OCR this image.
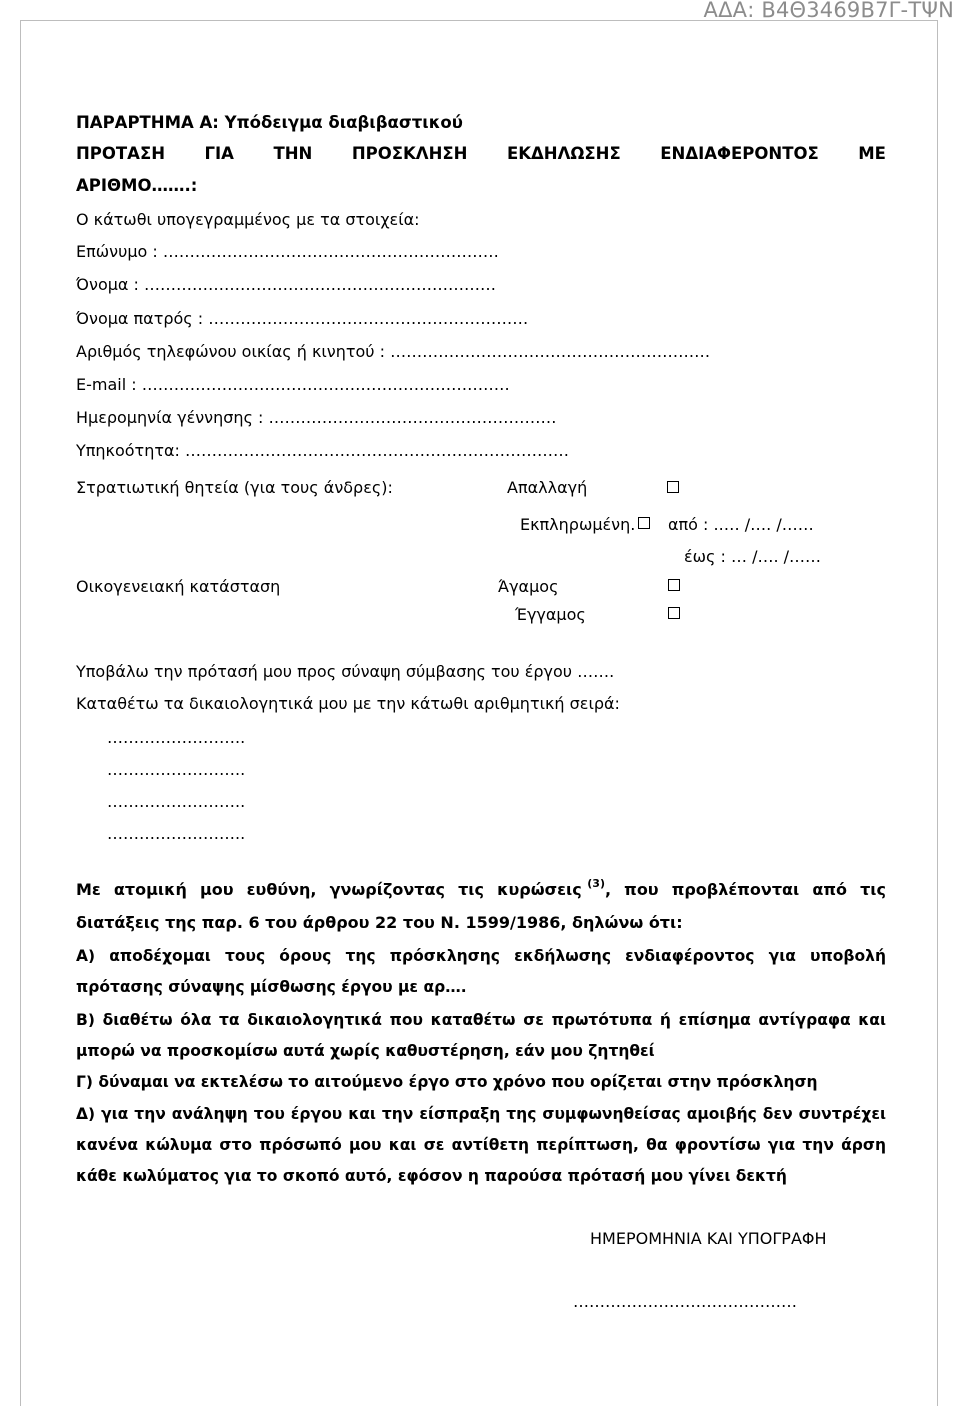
ΑΔΑ: Β4Θ3469Β7Γ-ΤΨΝ
ΠΑΡΑΡΤΗΜΑ Α: Υπόδειγμα διαβιβαστικού
ΠΡΟΤΑΣΗ ΓΙΑ ΤΗΝ ΠΡΟΣΚΛΗΣΗ ΕΚΔΗΛΩΣΗΣ ΕΝΔΙΑΦΕΡΟΝΤΟΣ ΜΕ
ΑΡΙΘΜΟ…….:
Ο κάτωθι υπογεγραμμένος με τα στοιχεία:
Επώνυμο : ………………………………………………………
Όνομα : …………………………………………………………
Όνομα πατρός : ……………………………………………………
Αριθμός τηλεφώνου οικίας ή κινητού : ……………………………………………………
E-mail : ……………………………………………………………
Ημερομηνία γέννησης : ………………………………………………
Υπηκοότητα: ………………………………………………………………
Στρατιωτική θητεία (για τους άνδρες):	Απαλλαγή
Εκπληρωμένη. από : ..… /…. /……
έως : … /…. /……
Οικογενειακή κατάσταση	Άγαμος
Έγγαμος
Υποβάλω την πρότασή μου προς σύναψη σύμβασης του έργου …….
Καταθέτω τα δικαιολογητικά μου με την κάτωθι αριθμητική σειρά:
……………………..
……………………..
……………………..
……………………..
Με ατομική μου ευθύνη, γνωρίζοντας τις κυρώσεις $^{(3)}$, που προβλέπονται από τις
διατάξεις της παρ. 6 του άρθρου 22 του Ν. 1599/1986, δηλώνω ότι:
Α) αποδέχομαι τους όρους της πρόσκλησης εκδήλωσης ενδιαφέροντος για υποβολή πρότασης σύναψης μίσθωσης έργου με αρ….
Β) διαθέτω όλα τα δικαιολογητικά που καταθέτω σε πρωτότυπα ή επίσημα αντίγραφα και μπορώ να προσκομίσω αυτά χωρίς καθυστέρηση, εάν μου ζητηθεί
Γ) δύναμαι να εκτελέσω το αιτούμενο έργο στο χρόνο που ορίζεται στην πρόσκληση
Δ) για την ανάληψη του έργου και την είσπραξη της συμφωνηθείσας αμοιβής δεν συντρέχει κανένα κώλυμα στο πρόσωπό μου και σε αντίθετη περίπτωση, θα φροντίσω για την άρση κάθε κωλύματος για το σκοπό αυτό, εφόσον η παρούσα πρότασή μου γίνει δεκτή
ΗΜΕΡΟΜΗΝΙΑ ΚΑΙ ΥΠΟΓΡΑΦΗ
……………………………………
